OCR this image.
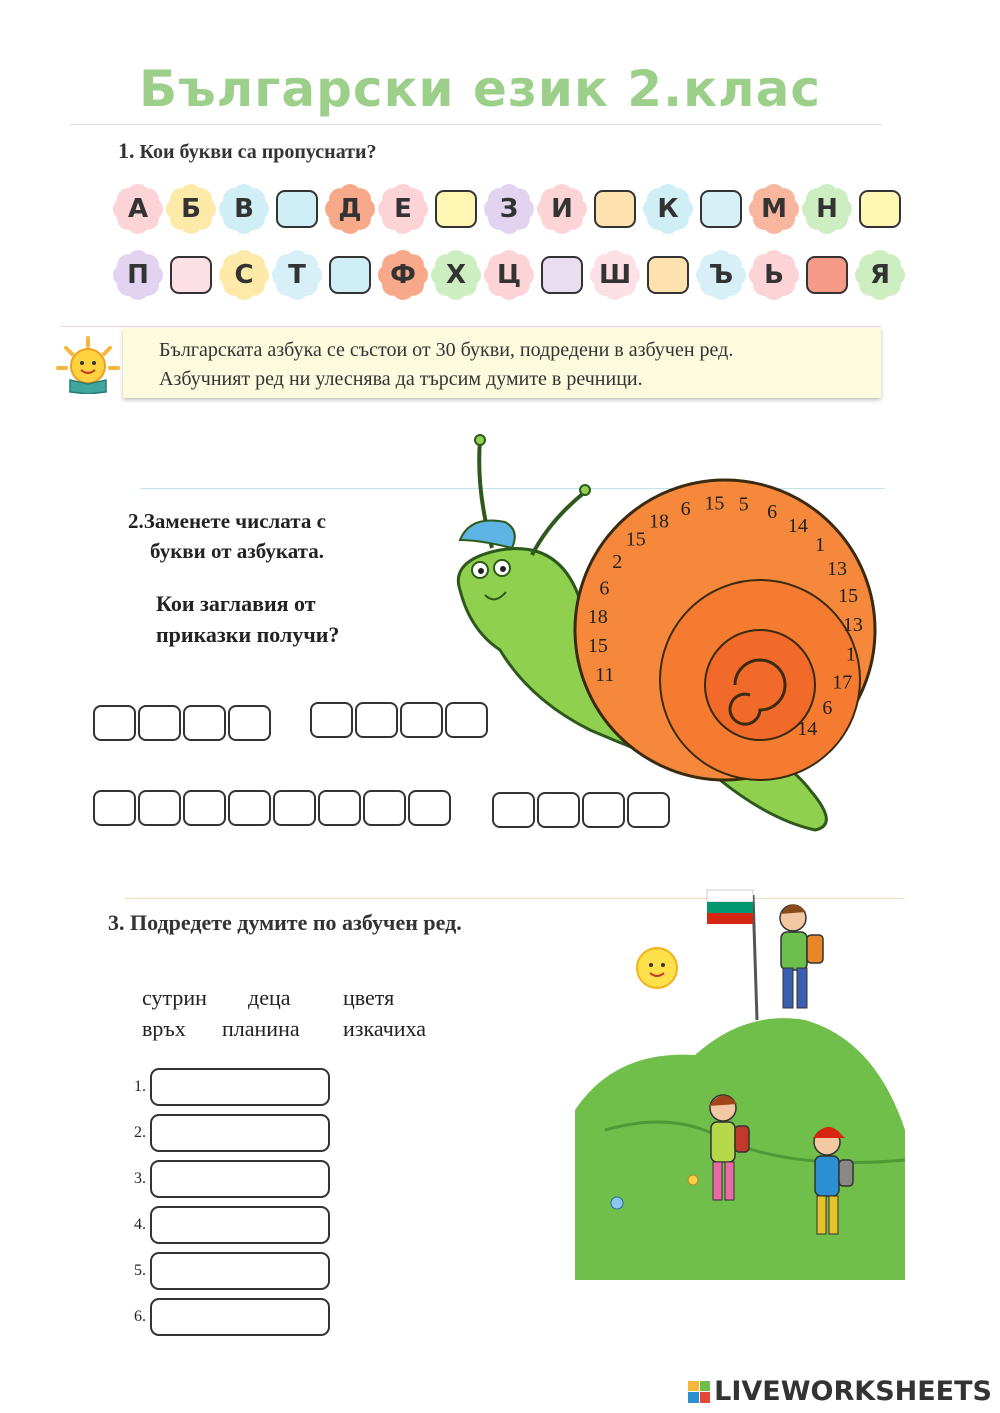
Български език 2.клас
1. Кои букви са пропуснати?
А Б В	Д Е	З И	К	М Н
П	С Т	Ф Х Ц	Ш	Ъ Ь	Я
Българската азбука се състои от 30 букви, подредени в азбучен ред.
Азбучният ред ни улеснява да търсим думите в речници.
2.Заменете числата с
букви от азбуката.
Кои заглавия от
приказки получи?
11
15
18
6
2
15
18
6 15 5 6
14
1
13
15
13
1
17
6
14
3. Подредете думите по азбучен ред.
сутрин деца цветя
връх планина изкачиха
1.
2.
3.
4.
5.
6.
LIVEWORKSHEETS
